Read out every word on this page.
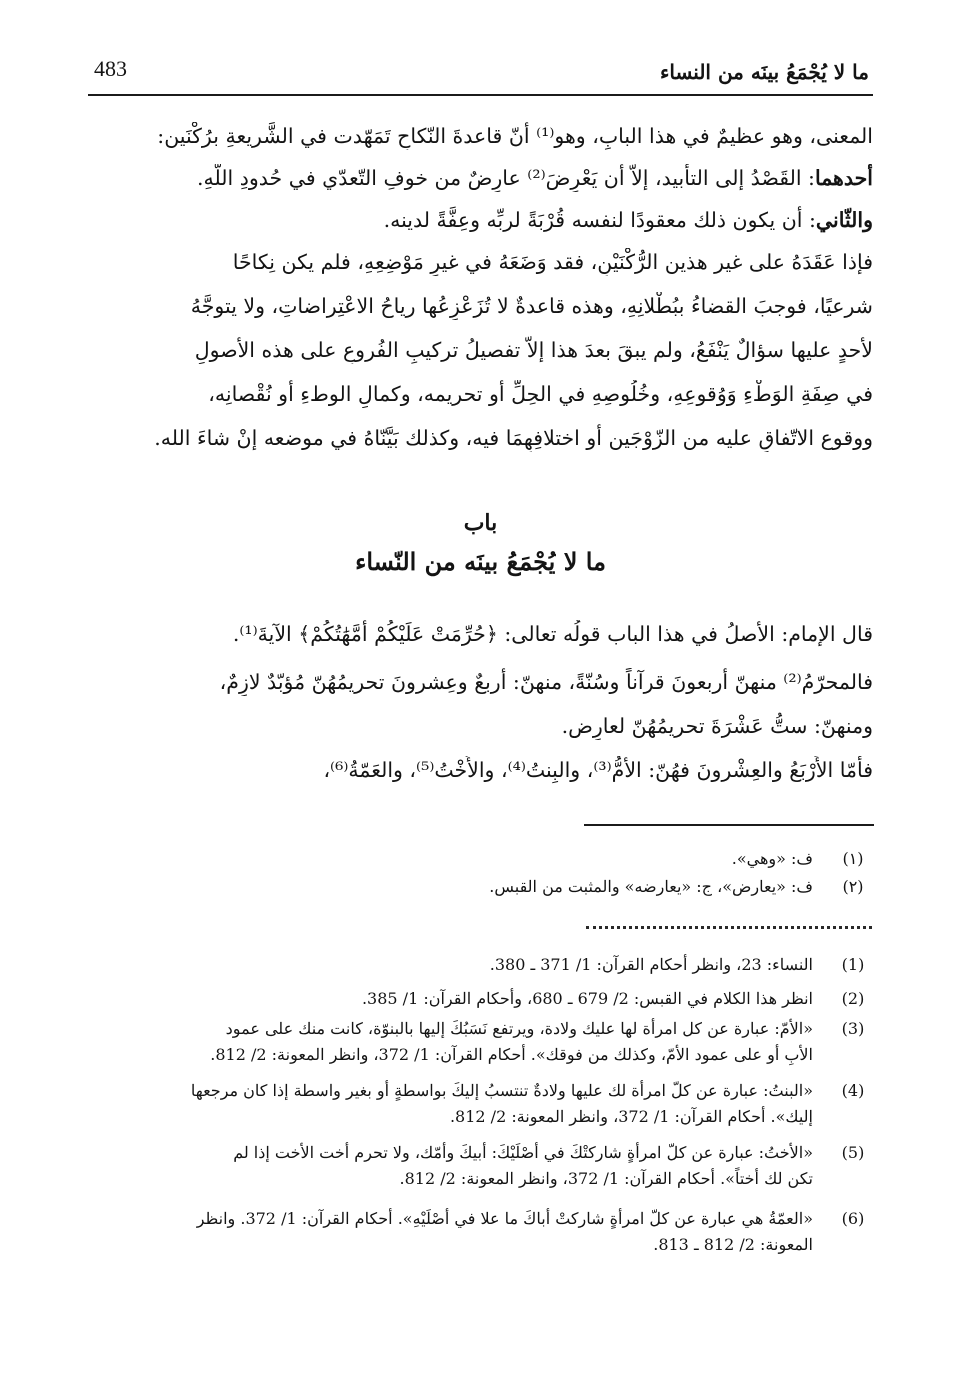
483	ما لا يُجْمَعُ بينَه من النساء
المعنى، وهو عظيمٌ في هذا البابِ، وهو⁽¹⁾ أنّ قاعدةَ النّكاحِ تَمَهّدت في الشَّريعةِ برُكْنَين:
أحدهما: القَصْدُ إلى التأبيد، إلاّ أن يَعْرِضَ⁽²⁾ عارِضٌ من خوفِ التّعدّي في حُدودِ اللّهِ.
والثّاني: أن يكون ذلك معقودًا لنفسه قُرْبَةً لربِّه وعِفَّةً لدينه.
فإذا عَقَدَهُ على غير هذين الرُّكْنَيْنِ، فقد وَضَعَهُ في غيرِ مَوْضِعِهِ، فلم يكن نِكاحًا
شرعيًا، فوجبَ القضاءُ ببُطْلانِهِ، وهذه قاعدةٌ لا تُزَعْزِعُها رياحُ الاعْتِراضاتِ، ولا يتوجَّهُ
لأحدٍ عليها سؤالٌ يَنْفَعُ، ولم يبقَ بعدَ هذا إلاّ تفصيلُ تركيبِ الفُروعِ على هذه الأصولِ
في صِفَةِ الوَطْءِ وَوُقوعِهِ، وخُلُوصِهِ في الحِلِّ أو تحريمه، وكمالِ الوطءِ أو نُقْصانِه،
ووقوع الاتّفاقِ عليه من الزّوْجَين أو اختلافِهِمَا فيه، وكذلك بَيَّنّاهُ في موضعه إنْ شاءَ الله.
باب
ما لا يُجْمَعُ بينَه من النّساء
قال الإمام: الأصلُ في هذا الباب قولُه تعالى: ﴿حُرِّمَتْ عَلَيْكُمْ أُمَّهَٰتُكُمْ﴾ الآيةَ⁽¹⁾.
فالمحرّمُ⁽²⁾ منهنّ أربعونَ قرآناً وسُنّةً، منهنّ: أربعٌ وعِشرونَ تحريمُهُنّ مُؤبّدٌ لازِمٌ،
ومنهنّ: ستُّ عَشْرَةَ تحريمُهُنّ لعارِضٍ.
فأمّا الأَرْبَعُ والعِشْرونَ فهُنّ: الأمُّ⁽³⁾، والبِنتُ⁽⁴⁾، والأُخْتُ⁽⁵⁾، والعَمّةُ⁽⁶⁾،
(١)
ف: «وهي».
(٢)
ف: «يعارض»، ج: «يعارضه» والمثبت من القبس.
(1)
النساء: 23، وانظر أحكام القرآن: 1/ 371 ـ 380.
(2)
انظر هذا الكلام في القبس: 2/ 679 ـ 680، وأحكام القرآن: 1/ 385.
(3)
«الأمّ: عبارة عن كل امرأة لها عليك ولادة، ويرتفع نَسَبُكَ إليها بالبنوّة، كانت منك على عمود
الأبِ أو على عمود الأمّ، وكذلك من فوقك». أحكام القرآن: 1/ 372، وانظر المعونة: 2/ 812.
(4)
«البنتُ: عبارة عن كلّ امرأة لك عليها ولادةٌ تنتسبُ إليكَ بواسطةٍ أو بغير واسطة إذا كان مرجعها
إليك». أحكام القرآن: 1/ 372، وانظر المعونة: 2/ 812.
(5)
«الأختُ: عبارة عن كلّ امرأةٍ شاركتْكَ في أصْلَيْكَ: أبيكَ وأمّك، ولا تحرم أخت الأخت إذا لم
تكن لك أختاً». أحكام القرآن: 1/ 372، وانظر المعونة: 2/ 812.
(6)
«العمّةُ هي عبارة عن كلّ امرأةٍ شاركتْ أباكَ ما علا في أصْلَيْهِ». أحكام القرآن: 1/ 372. وانظر
المعونة: 2/ 812 ـ 813.
